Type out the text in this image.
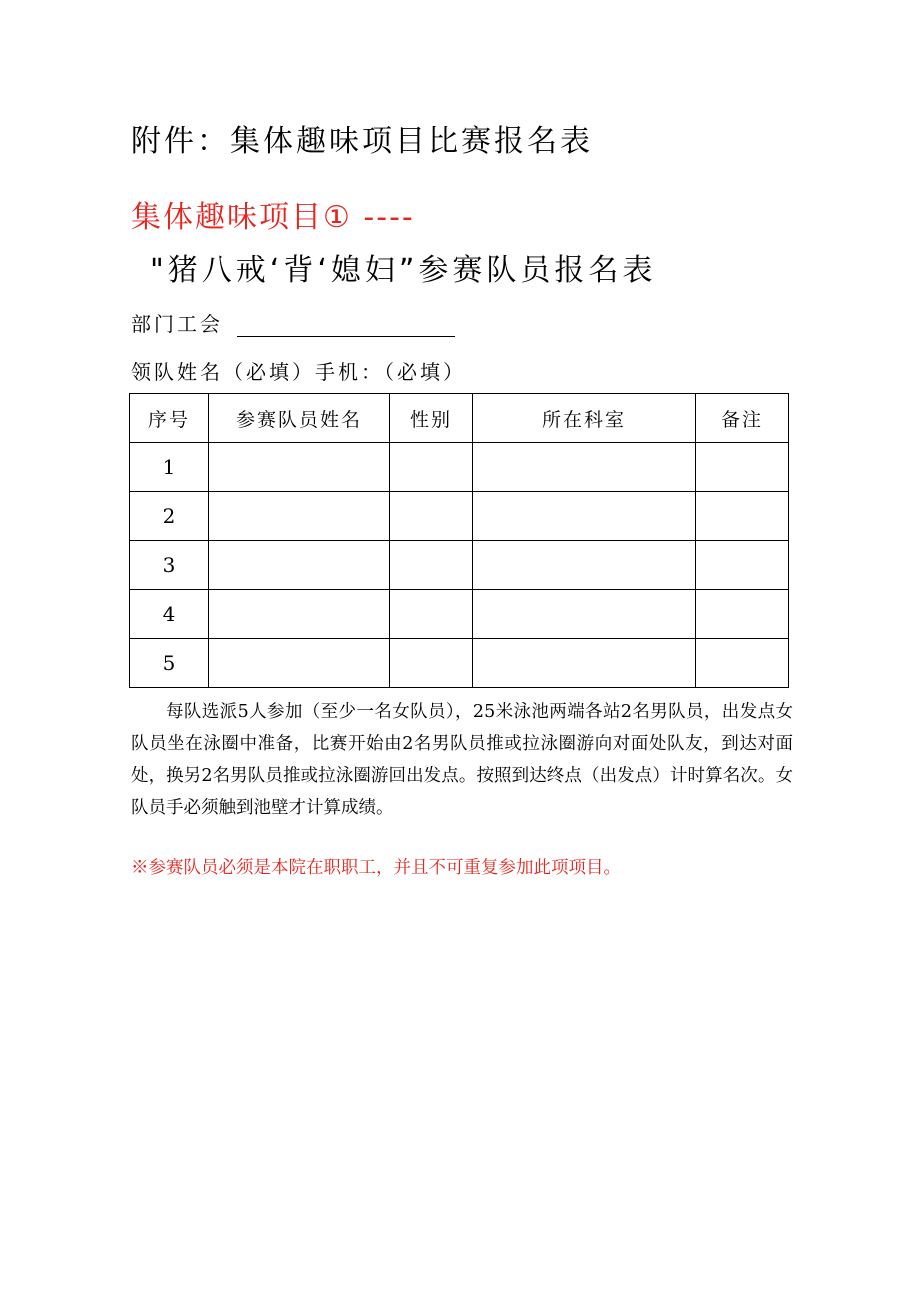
附件：集体趣味项目比赛报名表
集体趣味项目① ----
"猪八戒‘背‘媳妇”参赛队员报名表
部门工会
领队姓名（必填）手机：（必填）
序号	参赛队员姓名	性别	所在科室	备注
1				
2				
3				
4				
5				

每队选派5人参加（至少一名女队员），25米泳池两端各站2名男队员，出发点女队员坐在泳圈中准备，比赛开始由2名男队员推或拉泳圈游向对面处队友，到达对面处，换另2名男队员推或拉泳圈游回出发点。按照到达终点（出发点）计时算名次。女队员手必须触到池壁才计算成绩。

※参赛队员必须是本院在职职工，并且不可重复参加此项项目。
